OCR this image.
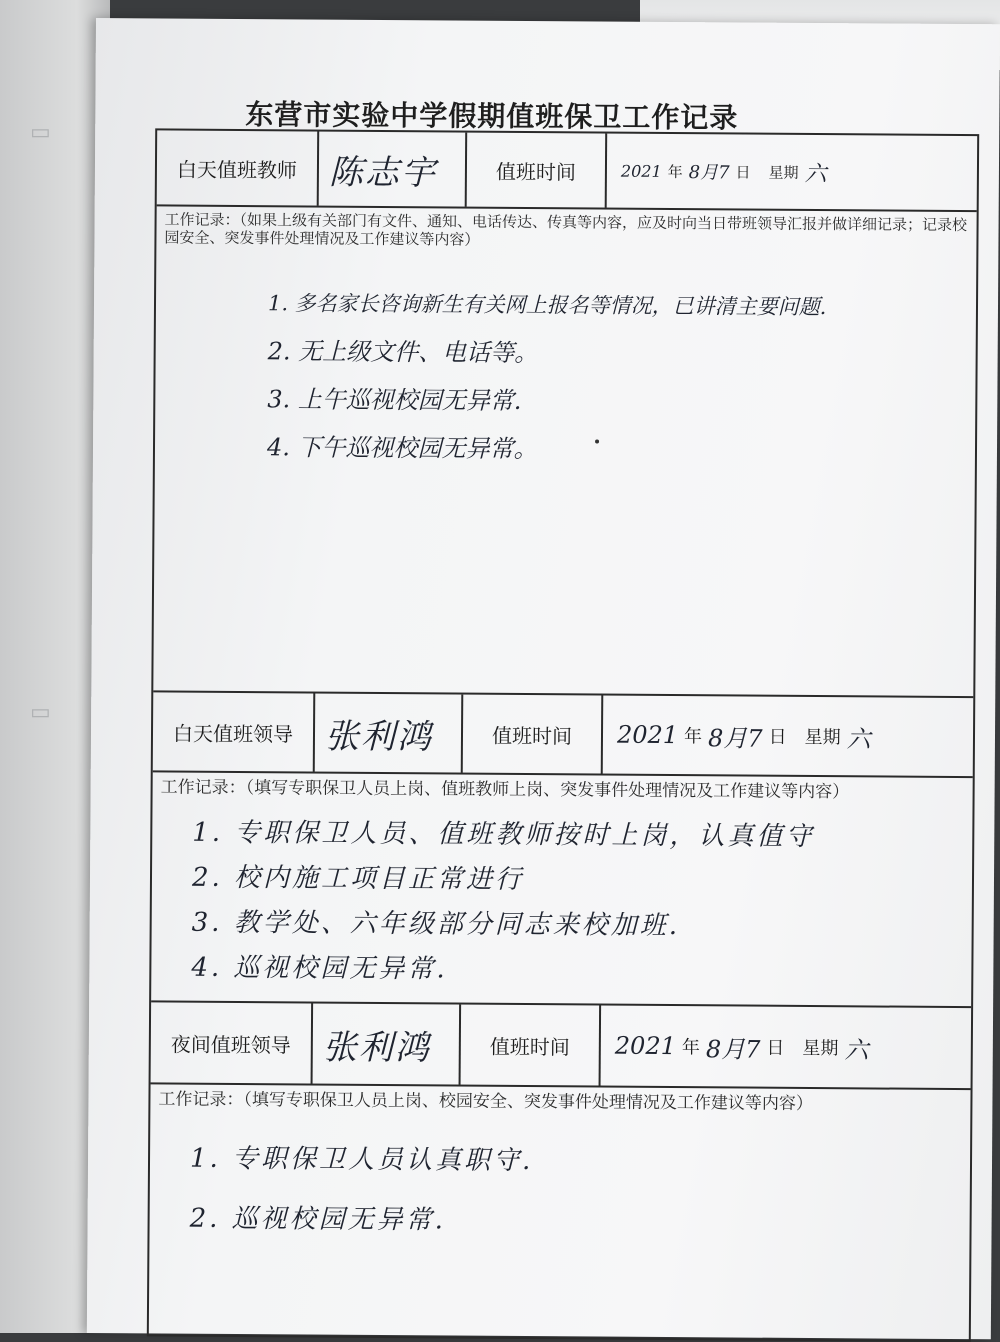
▭
▭
东营市实验中学假期值班保卫工作记录
白天值班教师 陈志宇	值班时间	2021 年 8月7 日 星期 六
工作记录：（如果上级有关部门有文件、通知、电话传达、传真等内容，应及时向当日带班领导汇报并做详细记录；记录校园安全、突发事件处理情况及工作建议等内容）
1. 多名家长咨询新生有关网上报名等情况，已讲清主要问题.
2. 无上级文件、电话等。
3. 上午巡视校园无异常.
4. 下午巡视校园无异常。
白天值班领导 张利鸿	值班时间	2021 年 8月7 日 星期 六
工作记录：（填写专职保卫人员上岗、值班教师上岗、突发事件处理情况及工作建议等内容）
1. 专职保卫人员、值班教师按时上岗，认真值守
2. 校内施工项目正常进行
3. 教学处、六年级部分同志来校加班.
4. 巡视校园无异常.
夜间值班领导 张利鸿	值班时间	2021 年 8月7 日 星期 六
工作记录：（填写专职保卫人员上岗、校园安全、突发事件处理情况及工作建议等内容）
1. 专职保卫人员认真职守.
2. 巡视校园无异常.
